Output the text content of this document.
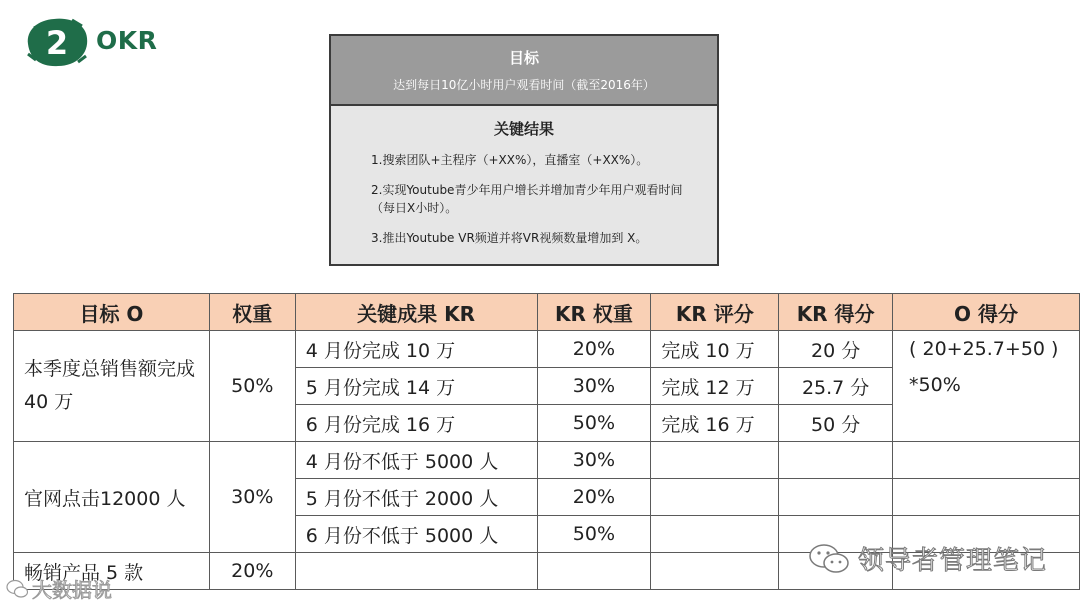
2 OKR
目标
达到每日10亿小时用户观看时间（截至2016年）
关键结果
1.搜索团队+主程序（+XX%），直播室（+XX%）。
2.实现Youtube青少年用户增长并增加青少年用户观看时间（每日X小时）。
3.推出Youtube VR频道并将VR视频数量增加到 X。
目标 O	权重	关键成果 KR	KR 权重	KR 评分	KR 得分	O 得分
本季度总销售额完成 40 万	50%	4 月份完成 10 万	20%	完成 10 万	20 分	( 20+25.7+50 )
*50%

		5 月份完成 14 万	30%	完成 12 万	25.7 分	
		6 月份完成 16 万	50%	完成 16 万	50 分	
官网点击12000 人	30%	4 月份不低于 5000 人	30%			
		5 月份不低于 2000 人	20%			
		6 月份不低于 5000 人	50%			
畅销产品 5 款	20%						领导者管理笔记
大数据说
